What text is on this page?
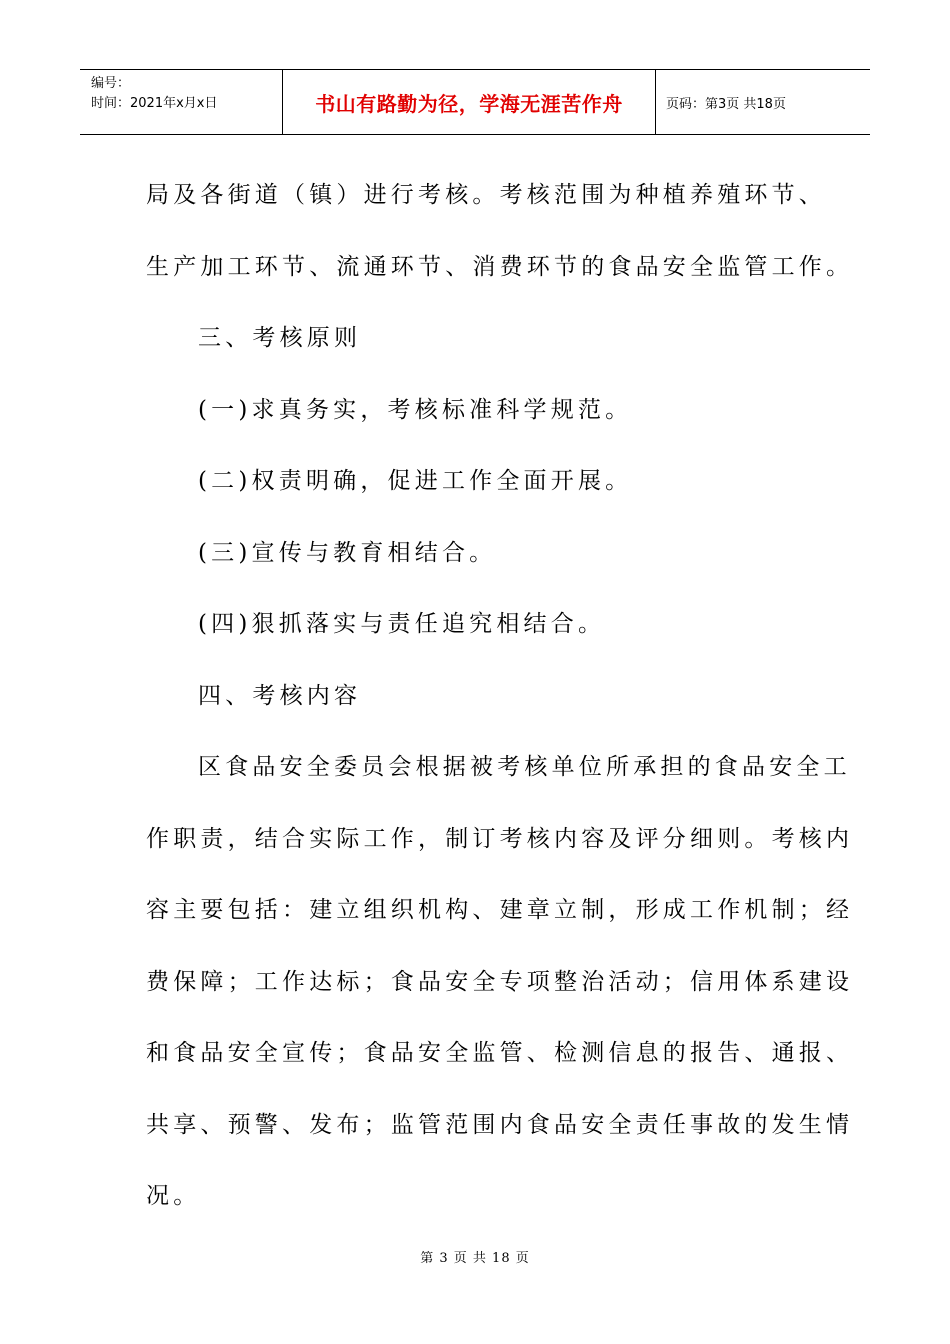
编号：
时间：2021年x月x日	书山有路勤为径，学海无涯苦作舟	页码：第3页 共18页

局及各街道（镇）进行考核。考核范围为种植养殖环节、

生产加工环节、流通环节、消费环节的食品安全监管工作。

三、考核原则

(一)求真务实，考核标准科学规范。

(二)权责明确，促进工作全面开展。

(三)宣传与教育相结合。

(四)狠抓落实与责任追究相结合。

四、考核内容

区食品安全委员会根据被考核单位所承担的食品安全工

作职责，结合实际工作，制订考核内容及评分细则。考核内

容主要包括：建立组织机构、建章立制，形成工作机制；经

费保障；工作达标；食品安全专项整治活动；信用体系建设

和食品安全宣传；食品安全监管、检测信息的报告、通报、

共享、预警、发布；监管范围内食品安全责任事故的发生情

况。

第 3 页 共 18 页
